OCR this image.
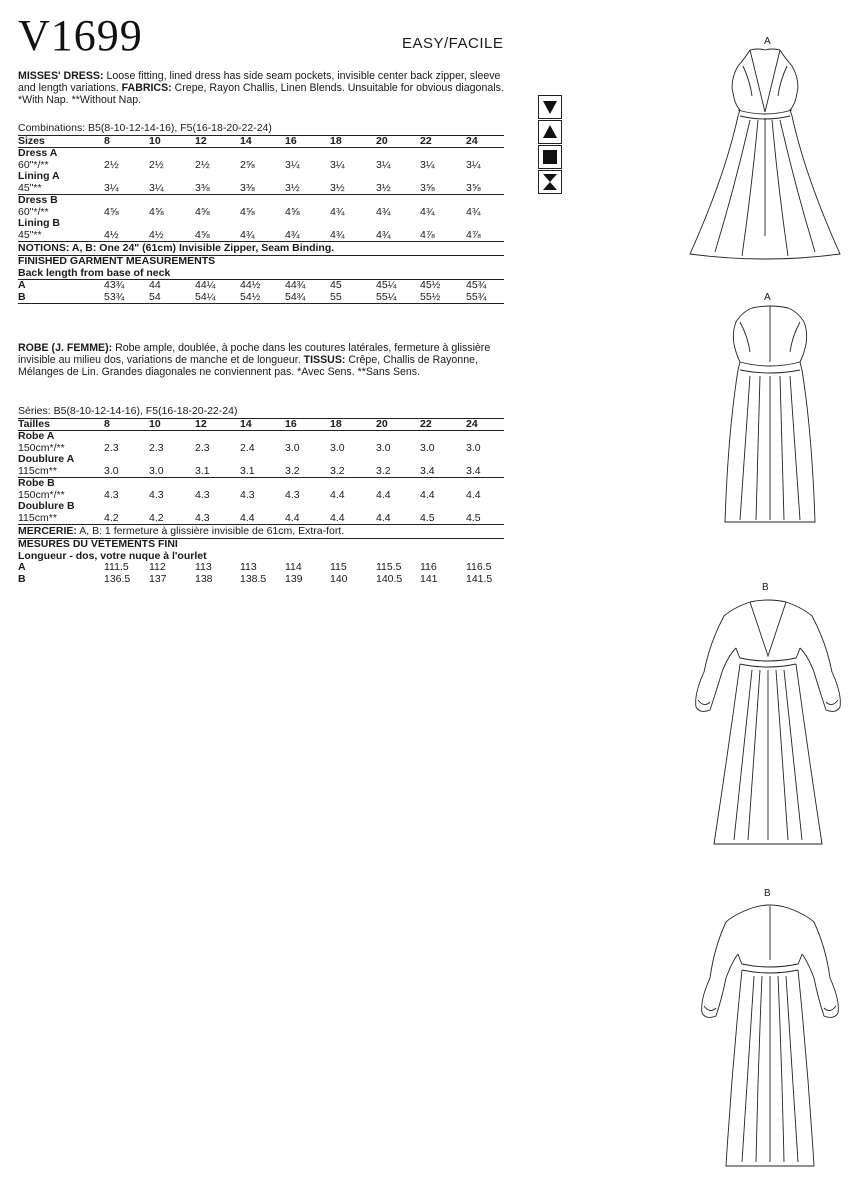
V1699	EASY/FACILE
MISSES' DRESS: Loose fitting, lined dress has side seam pockets, invisible center back zipper, sleeve and length variations. FABRICS: Crepe, Rayon Challis, Linen Blends. Unsuitable for obvious diagonals. *With Nap. **Without Nap.
Combinations: B5(8-10-12-14-16), F5(16-18-20-22-24)
Sizes	8	10	12	14	16	18	20	22	24
Dress A
60"*/**	2½	2½	2½	2⅝	3¼	3¼	3¼	3¼	3¼
Lining A
45"**	3¼	3¼	3⅜	3⅜	3½	3½	3½	3⅝	3⅝
Dress B
60"*/**	4⅝	4⅝	4⅝	4⅝	4⅝	4¾	4¾	4¾	4¾
Lining B
45"**	4½	4½	4⅝	4¾	4¾	4¾	4¾	4⅞	4⅞
NOTIONS: A, B: One 24" (61cm) Invisible Zipper, Seam Binding.
FINISHED GARMENT MEASUREMENTS
Back length from base of neck
A	43¾	44	44¼	44½	44¾	45	45¼	45½	45¾
B	53¾	54	54¼	54½	54¾	55	55¼	55½	55¾
ROBE (J. FEMME): Robe ample, doublée, à poche dans les coutures latérales, fermeture à glissière invisible au milieu dos, variations de manche et de longueur. TISSUS: Crêpe, Challis de Rayonne, Mélanges de Lin. Grandes diagonales ne conviennent pas. *Avec Sens. **Sans Sens.
Séries: B5(8-10-12-14-16), F5(16-18-20-22-24)
Tailles	8	10	12	14	16	18	20	22	24
Robe A
150cm*/**	2.3	2.3	2.3	2.4	3.0	3.0	3.0	3.0	3.0
Doublure A
115cm**	3.0	3.0	3.1	3.1	3.2	3.2	3.2	3.4	3.4
Robe B
150cm*/**	4.3	4.3	4.3	4.3	4.3	4.4	4.4	4.4	4.4
Doublure B
115cm**	4.2	4.2	4.3	4.4	4.4	4.4	4.4	4.5	4.5
MERCERIE: A, B: 1 fermeture à glissière invisible de 61cm, Extra-fort.
MESURES DU VÊTEMENTS FINI
Longueur - dos, votre nuque à l'ourlet
A	111.5	112	113	113	114	115	115.5	116	116.5
B	136.5	137	138	138.5	139	140	140.5	141	141.5
A
A
B
B
